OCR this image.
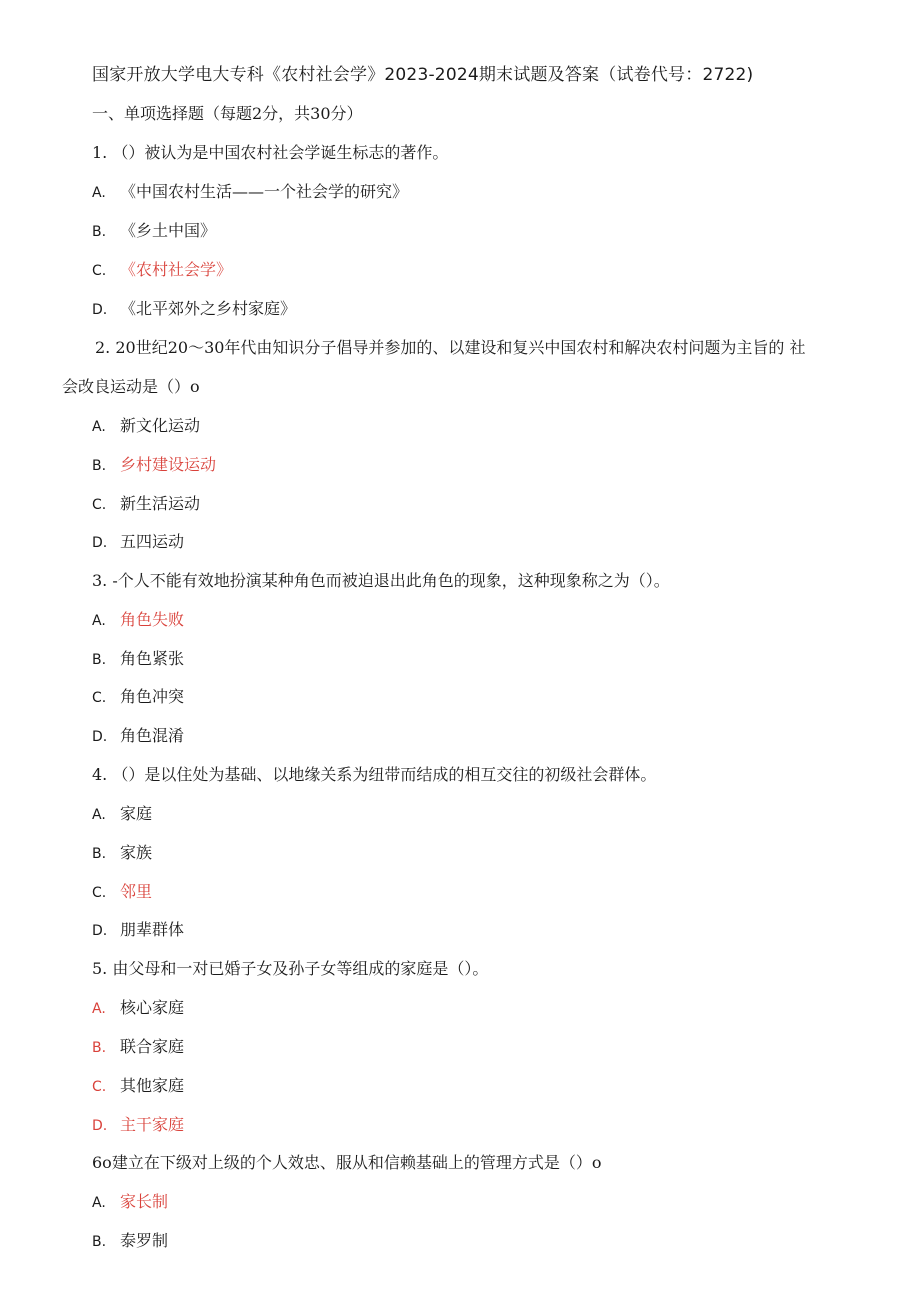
国家开放大学电大专科《农村社会学》2023-2024期末试题及答案（试卷代号：2722)
一、单项选择题（每题2分，共30分）
1. （）被认为是中国农村社会学诞生标志的著作。
A. 《中国农村生活——一个社会学的研究》
B. 《乡土中国》
C. 《农村社会学》
D. 《北平郊外之乡村家庭》
2. 20世纪20～30年代由知识分子倡导并参加的、以建设和复兴中国农村和解决农村问题为主旨的 社
会改良运动是（）o
A. 新文化运动
B. 乡村建设运动
C. 新生活运动
D. 五四运动
3. -个人不能有效地扮演某种角色而被迫退出此角色的现象，这种现象称之为（）。
A. 角色失败
B. 角色紧张
C. 角色冲突
D. 角色混淆
4. （）是以住处为基础、以地缘关系为纽带而结成的相互交往的初级社会群体。
A. 家庭
B. 家族
C. 邻里
D. 朋辈群体
5. 由父母和一对已婚子女及孙子女等组成的家庭是（）。
A. 核心家庭
B. 联合家庭
C. 其他家庭
D. 主干家庭
6o建立在下级对上级的个人效忠、服从和信赖基础上的管理方式是（）o
A. 家长制
B. 泰罗制
